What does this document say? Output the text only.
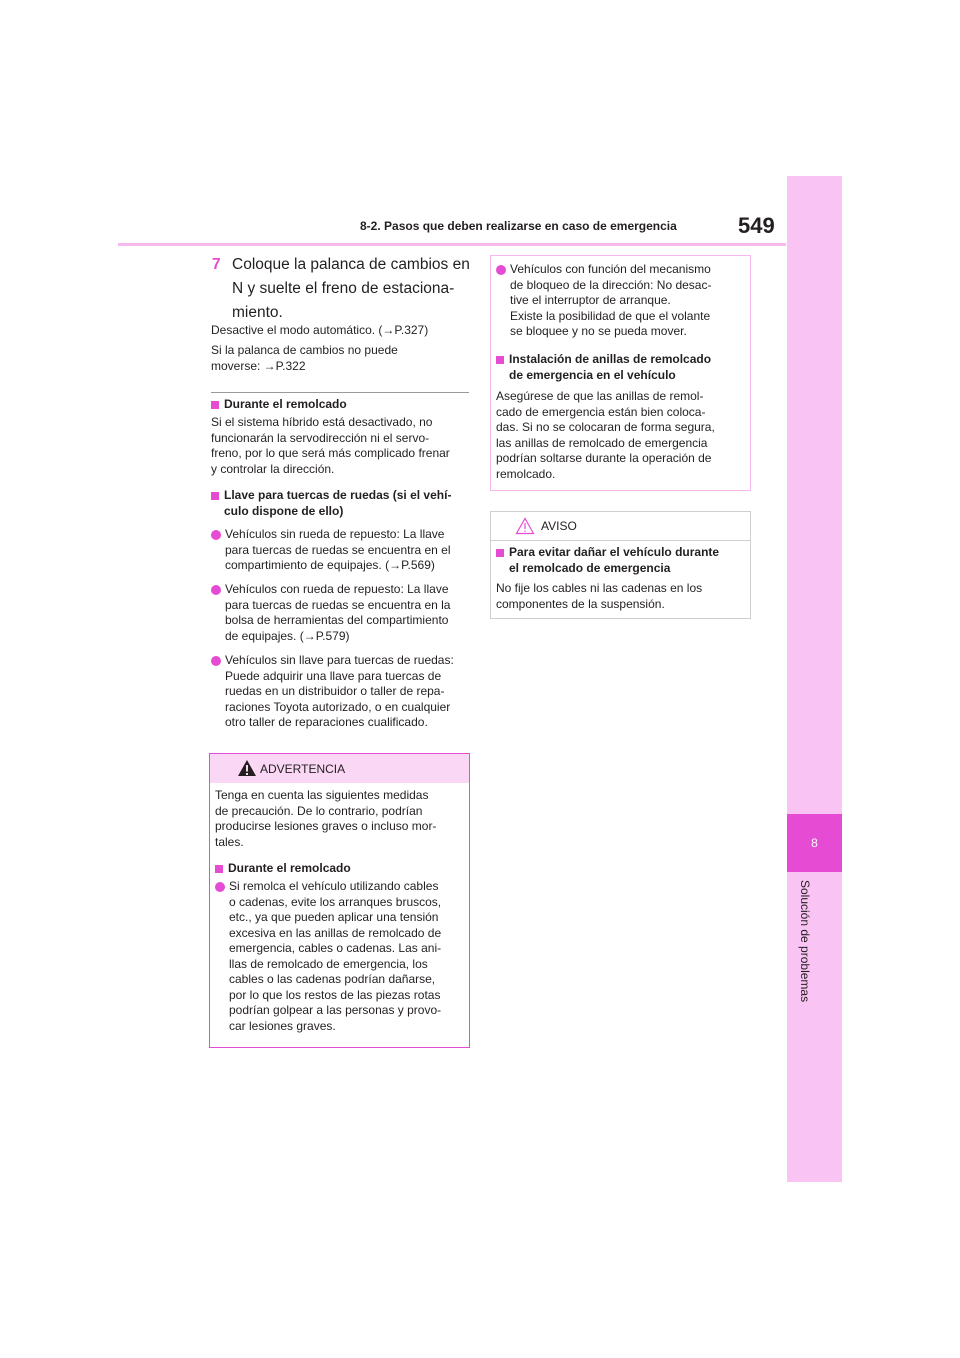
8
Solución de problemas
8-2. Pasos que deben realizarse en caso de emergencia	549
7 Coloque la palanca de cambios en
N y suelte el freno de estaciona-
miento.
Desactive el modo automático. (→P.327)
Si la palanca de cambios no puede
moverse: →P.322
Durante el remolcado
Si el sistema híbrido está desactivado, no
funcionarán la servodirección ni el servo-
freno, por lo que será más complicado frenar
y controlar la dirección.
Llave para tuercas de ruedas (si el vehí-
culo dispone de ello)
Vehículos sin rueda de repuesto: La llave
para tuercas de ruedas se encuentra en el
compartimiento de equipajes. (→P.569)
Vehículos con rueda de repuesto: La llave
para tuercas de ruedas se encuentra en la
bolsa de herramientas del compartimiento
de equipajes. (→P.579)
Vehículos sin llave para tuercas de ruedas:
Puede adquirir una llave para tuercas de
ruedas en un distribuidor o taller de repa-
raciones Toyota autorizado, o en cualquier
otro taller de reparaciones cualificado.
ADVERTENCIA
Tenga en cuenta las siguientes medidas
de precaución. De lo contrario, podrían
producirse lesiones graves o incluso mor-
tales.
Durante el remolcado
Si remolca el vehículo utilizando cables
o cadenas, evite los arranques bruscos,
etc., ya que pueden aplicar una tensión
excesiva en las anillas de remolcado de
emergencia, cables o cadenas. Las ani-
llas de remolcado de emergencia, los
cables o las cadenas podrían dañarse,
por lo que los restos de las piezas rotas
podrían golpear a las personas y provo-
car lesiones graves.
Vehículos con función del mecanismo
de bloqueo de la dirección: No desac-
tive el interruptor de arranque.
Existe la posibilidad de que el volante
se bloquee y no se pueda mover.
Instalación de anillas de remolcado
de emergencia en el vehículo
Asegúrese de que las anillas de remol-
cado de emergencia están bien coloca-
das. Si no se colocaran de forma segura,
las anillas de remolcado de emergencia
podrían soltarse durante la operación de
remolcado.
AVISO
Para evitar dañar el vehículo durante
el remolcado de emergencia
No fije los cables ni las cadenas en los
componentes de la suspensión.
